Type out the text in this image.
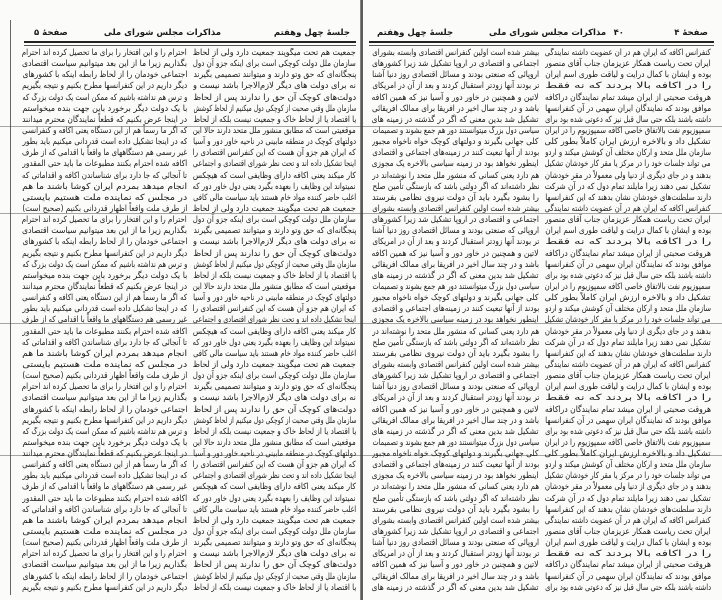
جلسهٔ چهل وهفتم
مذاکرات مجلس شورای ملی
صفحهٔ ۵
جمعیت هم تحت میگویند جمعیت دارد ولی از لحاظ
سازمان ملل دولت کوچکی است برای اینکه جزو آن دول
پنجگانه‌ای که حق وتو دارند و میتوانند تصمیمی بگیرند
نه برای دولت های دیگر لازم‌الاجرا باشد نیست و
دولت‌های کوچک آن حق را ندارند پس از لحاظ
سازمان ملل وقتی صحبت از کوچکی دول میکنیم از لحاظ کوشش
یا اقتصاد یا از لحاظ خاک و جمعیت نیست بلکه از لحاظ
موقعیتی است که مطابق منشور ملل متحد دارند حالا این
دولتهای کوچک در منطقه مابینی در ناحیه خاور دور و آسیا
که ایران هم جزو آن هست که این کنفرانس اقتصادی را
اینجا تشکیل داده اند و تحت نظر شورای اقتصادی و اجتماعی
کار میکند یعنی اکافه دارای وظایفی است که هیچکس
نمیتواند این وظایف را بعهده بگیرد یعنی دول خاور دور که
اغلب حاضر کننده مواد خام هستند باید سیاست مالی کافی
جمعیت هم تحت میگویند جمعیت دارد ولی از لحاظ
سازمان ملل دولت کوچکی است برای اینکه جزو آن دول
پنجگانه‌ای که حق وتو دارند و میتوانند تصمیمی بگیرند
نه برای دولت های دیگر لازم‌الاجرا باشد نیست و
دولت‌های کوچک آن حق را ندارند پس از لحاظ
سازمان ملل وقتی صحبت از کوچکی دول میکنیم از لحاظ کوشش
یا اقتصاد یا از لحاظ خاک و جمعیت نیست بلکه از لحاظ
موقعیتی است که مطابق منشور ملل متحد دارند حالا این
دولتهای کوچک در منطقه مابینی در ناحیه خاور دور و آسیا
که ایران هم جزو آن هست که این کنفرانس اقتصادی را
اینجا تشکیل داده اند و تحت نظر شورای اقتصادی و اجتماعی
کار میکند یعنی اکافه دارای وظایفی است که هیچکس
نمیتواند این وظایف را بعهده بگیرد یعنی دول خاور دور که
اغلب حاضر کننده مواد خام هستند باید سیاست مالی کافی
جمعیت هم تحت میگویند جمعیت دارد ولی از لحاظ
سازمان ملل دولت کوچکی است برای اینکه جزو آن دول
پنجگانه‌ای که حق وتو دارند و میتوانند تصمیمی بگیرند
نه برای دولت های دیگر لازم‌الاجرا باشد نیست و
دولت‌های کوچک آن حق را ندارند پس از لحاظ
سازمان ملل وقتی صحبت از کوچکی دول میکنیم از لحاظ کوشش
یا اقتصاد یا از لحاظ خاک و جمعیت نیست بلکه از لحاظ
موقعیتی است که مطابق منشور ملل متحد دارند حالا این
دولتهای کوچک در منطقه مابینی در ناحیه خاور دور و آسیا
که ایران هم جزو آن هست که این کنفرانس اقتصادی را
اینجا تشکیل داده اند و تحت نظر شورای اقتصادی و اجتماعی
کار میکند یعنی اکافه دارای وظایفی است که هیچکس
نمیتواند این وظایف را بعهده بگیرد یعنی دول خاور دور که
اغلب حاضر کننده مواد خام هستند باید سیاست مالی کافی
جمعیت هم تحت میگویند جمعیت دارد ولی از لحاظ
سازمان ملل دولت کوچکی است برای اینکه جزو آن دول
پنجگانه‌ای که حق وتو دارند و میتوانند تصمیمی بگیرند
نه برای دولت های دیگر لازم‌الاجرا باشد نیست و
دولت‌های کوچک آن حق را ندارند پس از لحاظ
سازمان ملل وقتی صحبت از کوچکی دول میکنیم از لحاظ کوشش
یا اقتصاد یا از لحاظ خاک و جمعیت نیست بلکه از لحاظ
احترام را و این افتخار را برای ما تحصیل کرده اند احترام
بگذاریم زیرا ما از این بعد میتوانیم سیاست اقتصادی
اجتماعی خودمان را از لحاظ رابطه اینکه با کشورهای
دیگر داریم در این کنفرانسها مطرح بکنیم و نتیجه بگیریم
و ترس هم نداشته باشیم که ممکن است یک دولت بزرگ که
با یک دولت دیگر برخورد باین جهت بنده میخواستم
در اینجا عرض بکنیم که قطعاً نمایندگان محترم میدانند
که اگر ما رسماً هم از این دستگاه یعنی اکافه و کنفرانسی
که در اینجا تشکیل داده است قدردانی میکنیم باید بطور
غیر رسمی هم دستگاههای ما واقعاً با اقدامی که از طرف
اکافه شده احترام بکنند مطبوعات ما باید حتی المقدور
تا آنجائی که جا دارد برای شناساندن اکافه و اقداماتی که
انجام میدهد بمردم ایران کوشا باشند ما هم
در مجلس که نماینده ملت هستیم بایستی
از طرف ملت واقعاً اظهار قدردانی بکنیم (صحیح است)
احترام را و این افتخار را برای ما تحصیل کرده اند احترام
بگذاریم زیرا ما از این بعد میتوانیم سیاست اقتصادی
اجتماعی خودمان را از لحاظ رابطه اینکه با کشورهای
دیگر داریم در این کنفرانسها مطرح بکنیم و نتیجه بگیریم
و ترس هم نداشته باشیم که ممکن است یک دولت بزرگ که
با یک دولت دیگر برخورد باین جهت بنده میخواستم
در اینجا عرض بکنیم که قطعاً نمایندگان محترم میدانند
که اگر ما رسماً هم از این دستگاه یعنی اکافه و کنفرانسی
که در اینجا تشکیل داده است قدردانی میکنیم باید بطور
غیر رسمی هم دستگاههای ما واقعاً با اقدامی که از طرف
اکافه شده احترام بکنند مطبوعات ما باید حتی المقدور
تا آنجائی که جا دارد برای شناساندن اکافه و اقداماتی که
انجام میدهد بمردم ایران کوشا باشند ما هم
در مجلس که نماینده ملت هستیم بایستی
از طرف ملت واقعاً اظهار قدردانی بکنیم (صحیح است)
احترام را و این افتخار را برای ما تحصیل کرده اند احترام
بگذاریم زیرا ما از این بعد میتوانیم سیاست اقتصادی
اجتماعی خودمان را از لحاظ رابطه اینکه با کشورهای
دیگر داریم در این کنفرانسها مطرح بکنیم و نتیجه بگیریم
و ترس هم نداشته باشیم که ممکن است یک دولت بزرگ که
با یک دولت دیگر برخورد باین جهت بنده میخواستم
در اینجا عرض بکنیم که قطعاً نمایندگان محترم میدانند
که اگر ما رسماً هم از این دستگاه یعنی اکافه و کنفرانسی
که در اینجا تشکیل داده است قدردانی میکنیم باید بطور
غیر رسمی هم دستگاههای ما واقعاً با اقدامی که از طرف
اکافه شده احترام بکنند مطبوعات ما باید حتی المقدور
تا آنجائی که جا دارد برای شناساندن اکافه و اقداماتی که
انجام میدهد بمردم ایران کوشا باشند ما هم
در مجلس که نماینده ملت هستیم بایستی
از طرف ملت واقعاً اظهار قدردانی بکنیم (صحیح است)
احترام را و این افتخار را برای ما تحصیل کرده اند احترام
بگذاریم زیرا ما از این بعد میتوانیم سیاست اقتصادی
اجتماعی خودمان را از لحاظ رابطه اینکه با کشورهای
دیگر داریم در این کنفرانسها مطرح بکنیم و نتیجه بگیریم
جلسهٔ چهل وهفتم	مذاکرات مجلس شورای ملی ۴۰	صفحهٔ ۴
کنفرانس اکافه که ایران هم در آن عضویت داشته نمایندگی
ایران تحت ریاست همکار عزیزمان جناب آقای منصور
بوده و ایشان با کمال درایت و لیاقت طوری اسم ایران
را در اکافه بالا بردند که نه فقط
هروقت صحبتی از ایران میشد تمام نمایندگان دراکافه
موافق بودند که نمایندگان ایران سهمی در آن کنفرانسها
داشته باشند بلکه حتی سال قبل نیز که دعوتی شده بود برای
سمپوزیوم نفت بالاتفاق خاصی اکافه سمپوزیوم را در ایران
تشکیل داد و بالاخره ارزش ایران کاملاً بطور کلی
سازمان ملل متحد و ارکان مختلف آن کوشش میکند و اردو
می تواند جلسات خود را در مرکز یا مقر کار خودشان تشکیل
بدهند و در جای دیگری از دنیا ولی معمولاً در مقر خودشان
تشکیل نمی دهند زیرا مایلند تمام دول که در آن شرکت
دارند سلطنت‌های خودشان نشان بدهند که این کنفرانسها
کنفرانس اکافه که ایران هم در آن عضویت داشته نمایندگی
ایران تحت ریاست همکار عزیزمان جناب آقای منصور
بوده و ایشان با کمال درایت و لیاقت طوری اسم ایران
را در اکافه بالا بردند که نه فقط
هروقت صحبتی از ایران میشد تمام نمایندگان دراکافه
موافق بودند که نمایندگان ایران سهمی در آن کنفرانسها
داشته باشند بلکه حتی سال قبل نیز که دعوتی شده بود برای
سمپوزیوم نفت بالاتفاق خاصی اکافه سمپوزیوم را در ایران
تشکیل داد و بالاخره ارزش ایران کاملاً بطور کلی
سازمان ملل متحد و ارکان مختلف آن کوشش میکند و اردو
می تواند جلسات خود را در مرکز یا مقر کار خودشان تشکیل
بدهند و در جای دیگری از دنیا ولی معمولاً در مقر خودشان
تشکیل نمی دهند زیرا مایلند تمام دول که در آن شرکت
دارند سلطنت‌های خودشان نشان بدهند که این کنفرانسها
کنفرانس اکافه که ایران هم در آن عضویت داشته نمایندگی
ایران تحت ریاست همکار عزیزمان جناب آقای منصور
بوده و ایشان با کمال درایت و لیاقت طوری اسم ایران
را در اکافه بالا بردند که نه فقط
هروقت صحبتی از ایران میشد تمام نمایندگان دراکافه
موافق بودند که نمایندگان ایران سهمی در آن کنفرانسها
داشته باشند بلکه حتی سال قبل نیز که دعوتی شده بود برای
سمپوزیوم نفت بالاتفاق خاصی اکافه سمپوزیوم را در ایران
تشکیل داد و بالاخره ارزش ایران کاملاً بطور کلی
سازمان ملل متحد و ارکان مختلف آن کوشش میکند و اردو
می تواند جلسات خود را در مرکز یا مقر کار خودشان تشکیل
بدهند و در جای دیگری از دنیا ولی معمولاً در مقر خودشان
تشکیل نمی دهند زیرا مایلند تمام دول که در آن شرکت
دارند سلطنت‌های خودشان نشان بدهند که این کنفرانسها
کنفرانس اکافه که ایران هم در آن عضویت داشته نمایندگی
ایران تحت ریاست همکار عزیزمان جناب آقای منصور
بوده و ایشان با کمال درایت و لیاقت طوری اسم ایران
را در اکافه بالا بردند که نه فقط
هروقت صحبتی از ایران میشد تمام نمایندگان دراکافه
موافق بودند که نمایندگان ایران سهمی در آن کنفرانسها
داشته باشند بلکه حتی سال قبل نیز که دعوتی شده بود برای
بیشتر شده است اولین کنفرانس اقتصادی وابسته بشورای
اجتماعی و اقتصادی در اروپا تشکیل شد زیرا کشورهای
اروپائی که صنعتی بودند و مسائل اقتصادی روز دنیا آشنا
تر بودند آنها زودتر استقبال کردند و بعد از آن در امریکای
لاتین و همچنین در خاور دور و آسیا نیز که همین اکافه
باشد و در چند سال اخیر در افریقا برای ممالک افریقائی
تشکیل شد بدین معنی که اگر در گذشته در زمینه های
سیاسی دول بزرگ میتوانستند دور هم جمع بشوند و تصمیمات
کلی جهانی بگیرند و دولتهای کوچک خواه ناخواه مجبور
بودند از آنها تبعیت کنند در زمینه‌های اجتماعی و اقتصادی
اینطور نخواهد بود در زمینه سیاسی بالاخره یک مجوزی
هم دارد یعنی کسانی که منشور ملل متحد را نوشته‌اند در
نظر داشته‌اند که اگر دولتی باشد که بازستگی تأمین صلح
را بشود بگیرد باید آن دولت نیروی نظامی بفرستد
بیشتر شده است اولین کنفرانس اقتصادی وابسته بشورای
اجتماعی و اقتصادی در اروپا تشکیل شد زیرا کشورهای
اروپائی که صنعتی بودند و مسائل اقتصادی روز دنیا آشنا
تر بودند آنها زودتر استقبال کردند و بعد از آن در امریکای
لاتین و همچنین در خاور دور و آسیا نیز که همین اکافه
باشد و در چند سال اخیر در افریقا برای ممالک افریقائی
تشکیل شد بدین معنی که اگر در گذشته در زمینه های
سیاسی دول بزرگ میتوانستند دور هم جمع بشوند و تصمیمات
کلی جهانی بگیرند و دولتهای کوچک خواه ناخواه مجبور
بودند از آنها تبعیت کنند در زمینه‌های اجتماعی و اقتصادی
اینطور نخواهد بود در زمینه سیاسی بالاخره یک مجوزی
هم دارد یعنی کسانی که منشور ملل متحد را نوشته‌اند در
نظر داشته‌اند که اگر دولتی باشد که بازستگی تأمین صلح
را بشود بگیرد باید آن دولت نیروی نظامی بفرستد
بیشتر شده است اولین کنفرانس اقتصادی وابسته بشورای
اجتماعی و اقتصادی در اروپا تشکیل شد زیرا کشورهای
اروپائی که صنعتی بودند و مسائل اقتصادی روز دنیا آشنا
تر بودند آنها زودتر استقبال کردند و بعد از آن در امریکای
لاتین و همچنین در خاور دور و آسیا نیز که همین اکافه
باشد و در چند سال اخیر در افریقا برای ممالک افریقائی
تشکیل شد بدین معنی که اگر در گذشته در زمینه های
سیاسی دول بزرگ میتوانستند دور هم جمع بشوند و تصمیمات
کلی جهانی بگیرند و دولتهای کوچک خواه ناخواه مجبور
بودند از آنها تبعیت کنند در زمینه‌های اجتماعی و اقتصادی
اینطور نخواهد بود در زمینه سیاسی بالاخره یک مجوزی
هم دارد یعنی کسانی که منشور ملل متحد را نوشته‌اند در
نظر داشته‌اند که اگر دولتی باشد که بازستگی تأمین صلح
را بشود بگیرد باید آن دولت نیروی نظامی بفرستد
بیشتر شده است اولین کنفرانس اقتصادی وابسته بشورای
اجتماعی و اقتصادی در اروپا تشکیل شد زیرا کشورهای
اروپائی که صنعتی بودند و مسائل اقتصادی روز دنیا آشنا
تر بودند آنها زودتر استقبال کردند و بعد از آن در امریکای
لاتین و همچنین در خاور دور و آسیا نیز که همین اکافه
باشد و در چند سال اخیر در افریقا برای ممالک افریقائی
تشکیل شد بدین معنی که اگر در گذشته در زمینه های
